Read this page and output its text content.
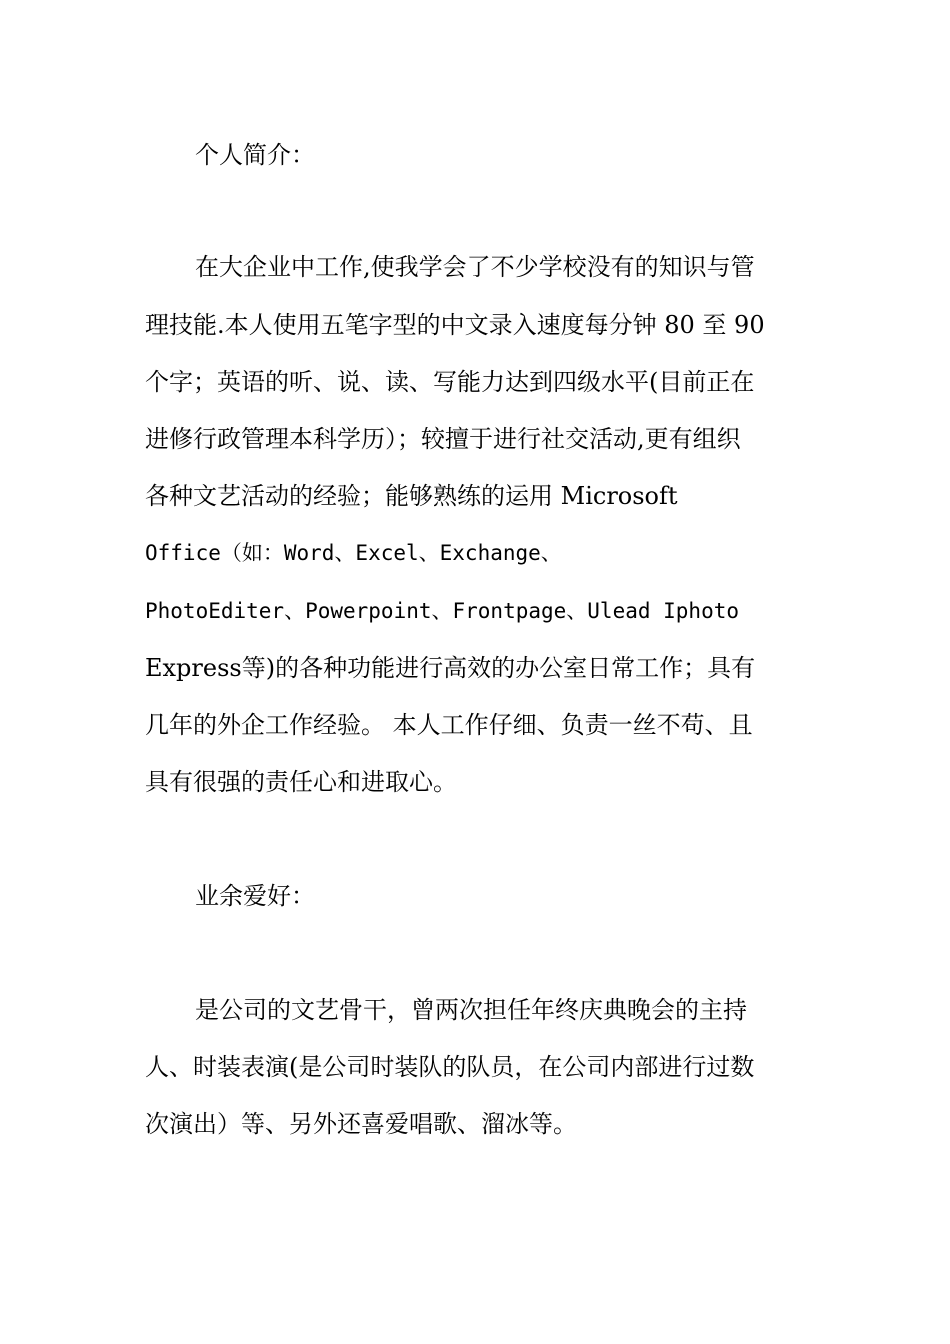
个人简介：
在大企业中工作,使我学会了不少学校没有的知识与管
理技能.本人使用五笔字型的中文录入速度每分钟 80 至 90
个字；英语的听、说、读、写能力达到四级水平(目前正在
进修行政管理本科学历）；较擅于进行社交活动,更有组织
各种文艺活动的经验；能够熟练的运用 Microsoft
Office（如：Word、Excel、Exchange、
PhotoEditer、Powerpoint、Frontpage、Ulead Iphoto
Express等)的各种功能进行高效的办公室日常工作；具有
几年的外企工作经验。 本人工作仔细、负责一丝不苟、且
具有很强的责任心和进取心。
业余爱好：
是公司的文艺骨干，曾两次担任年终庆典晚会的主持
人、时装表演(是公司时装队的队员，在公司内部进行过数
次演出）等、另外还喜爱唱歌、溜冰等。
